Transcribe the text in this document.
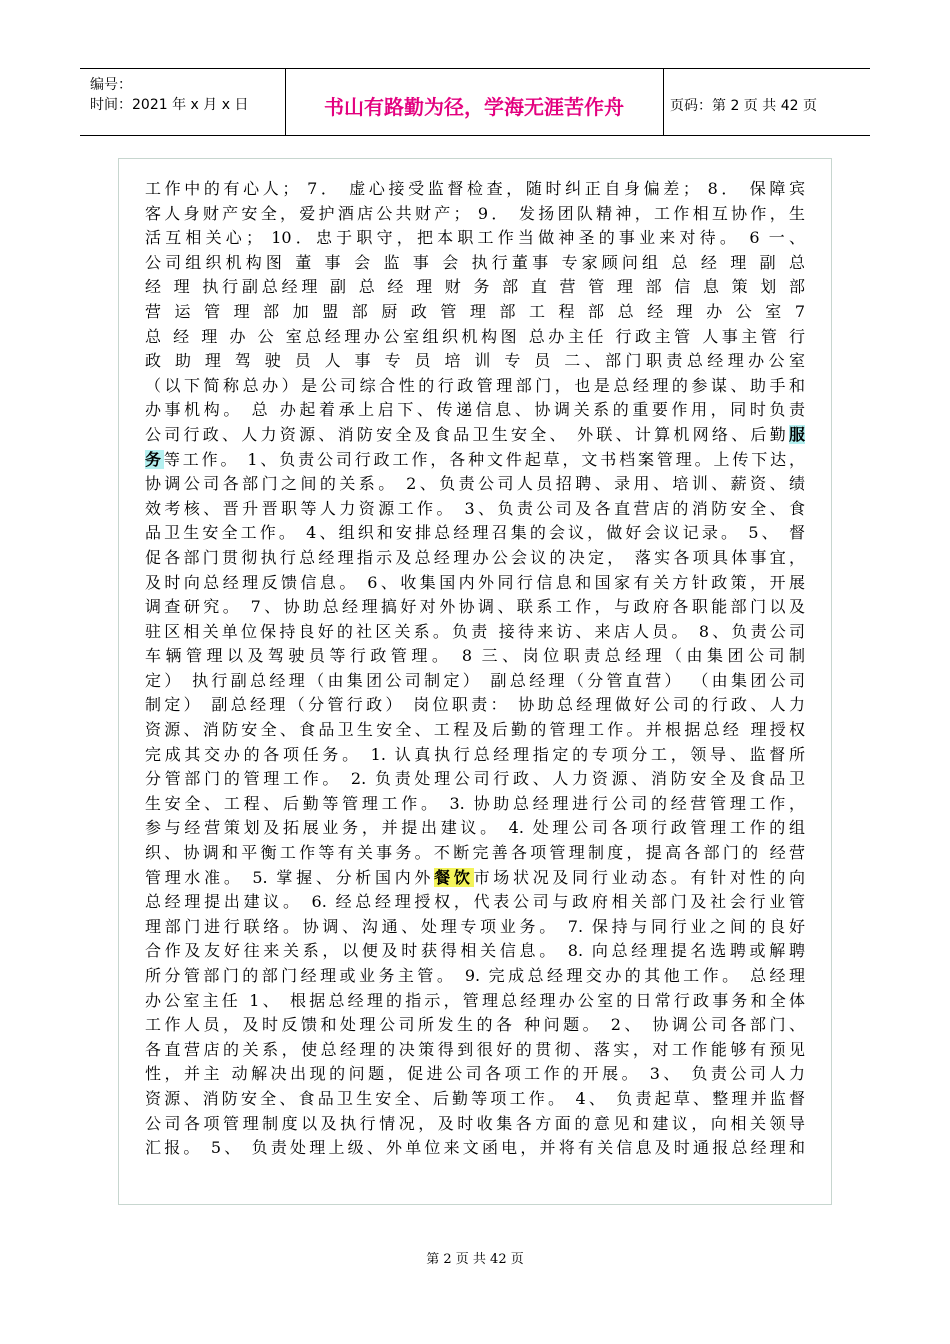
编号：
时间：2021 年 x 月 x 日	书山有路勤为径，学海无涯苦作舟	页码：第 2 页 共 42 页
工作中的有心人； 7． 虚心接受监督检查，随时纠正自身偏差； 8． 保障宾
客人身财产安全，爱护酒店公共财产； 9． 发扬团队精神，工作相互协作，生
活互相关心； 10．忠于职守，把本职工作当做神圣的事业来对待。 6 一、
公司组织机构图 董 事 会 监 事 会 执行董事 专家顾问组 总 经 理 副 总
经 理 执行副总经理 副 总 经 理 财 务 部 直 营 管 理 部 信 息 策 划 部
营 运 管 理 部 加 盟 部 厨 政 管 理 部 工 程 部 总 经 理 办 公 室 7
总 经 理 办 公 室总经理办公室组织机构图 总办主任 行政主管 人事主管 行
政 助 理 驾 驶 员 人 事 专 员 培 训 专 员 二、部门职责总经理办公室
（以下简称总办）是公司综合性的行政管理部门，也是总经理的参谋、助手和
办事机构。 总 办起着承上启下、传递信息、协调关系的重要作用，同时负责
公司行政、人力资源、消防安全及食品卫生安全、 外联、计算机网络、后勤服
务等工作。 1、负责公司行政工作，各种文件起草，文书档案管理。上传下达，
协调公司各部门之间的关系。 2、负责公司人员招聘、录用、培训、薪资、绩
效考核、晋升晋职等人力资源工作。 3、负责公司及各直营店的消防安全、食
品卫生安全工作。 4、组织和安排总经理召集的会议，做好会议记录。 5、 督
促各部门贯彻执行总经理指示及总经理办公会议的决定， 落实各项具体事宜，
及时向总经理反馈信息。 6、收集国内外同行信息和国家有关方针政策，开展
调查研究。 7、协助总经理搞好对外协调、联系工作，与政府各职能部门以及
驻区相关单位保持良好的社区关系。负责 接待来访、来店人员。 8、负责公司
车辆管理以及驾驶员等行政管理。 8 三、岗位职责总经理（由集团公司制
定） 执行副总经理（由集团公司制定） 副总经理（分管直营） （由集团公司
制定） 副总经理（分管行政） 岗位职责： 协助总经理做好公司的行政、人力
资源、消防安全、食品卫生安全、工程及后勤的管理工作。并根据总经 理授权
完成其交办的各项任务。 1. 认真执行总经理指定的专项分工，领导、监督所
分管部门的管理工作。 2. 负责处理公司行政、人力资源、消防安全及食品卫
生安全、工程、后勤等管理工作。 3. 协助总经理进行公司的经营管理工作，
参与经营策划及拓展业务，并提出建议。 4. 处理公司各项行政管理工作的组
织、协调和平衡工作等有关事务。不断完善各项管理制度，提高各部门的 经营
管理水准。 5. 掌握、分析国内外餐饮市场状况及同行业动态。有针对性的向
总经理提出建议。 6. 经总经理授权，代表公司与政府相关部门及社会行业管
理部门进行联络。协调、沟通、处理专项业务。 7. 保持与同行业之间的良好
合作及友好往来关系，以便及时获得相关信息。 8. 向总经理提名选聘或解聘
所分管部门的部门经理或业务主管。 9. 完成总经理交办的其他工作。 总经理
办公室主任 1、 根据总经理的指示，管理总经理办公室的日常行政事务和全体
工作人员，及时反馈和处理公司所发生的各 种问题。 2、 协调公司各部门、
各直营店的关系，使总经理的决策得到很好的贯彻、落实，对工作能够有预见
性，并主 动解决出现的问题，促进公司各项工作的开展。 3、 负责公司人力
资源、消防安全、食品卫生安全、后勤等项工作。 4、 负责起草、整理并监督
公司各项管理制度以及执行情况，及时收集各方面的意见和建议，向相关领导
汇报。 5、 负责处理上级、外单位来文函电，并将有关信息及时通报总经理和
第 2 页 共 42 页
